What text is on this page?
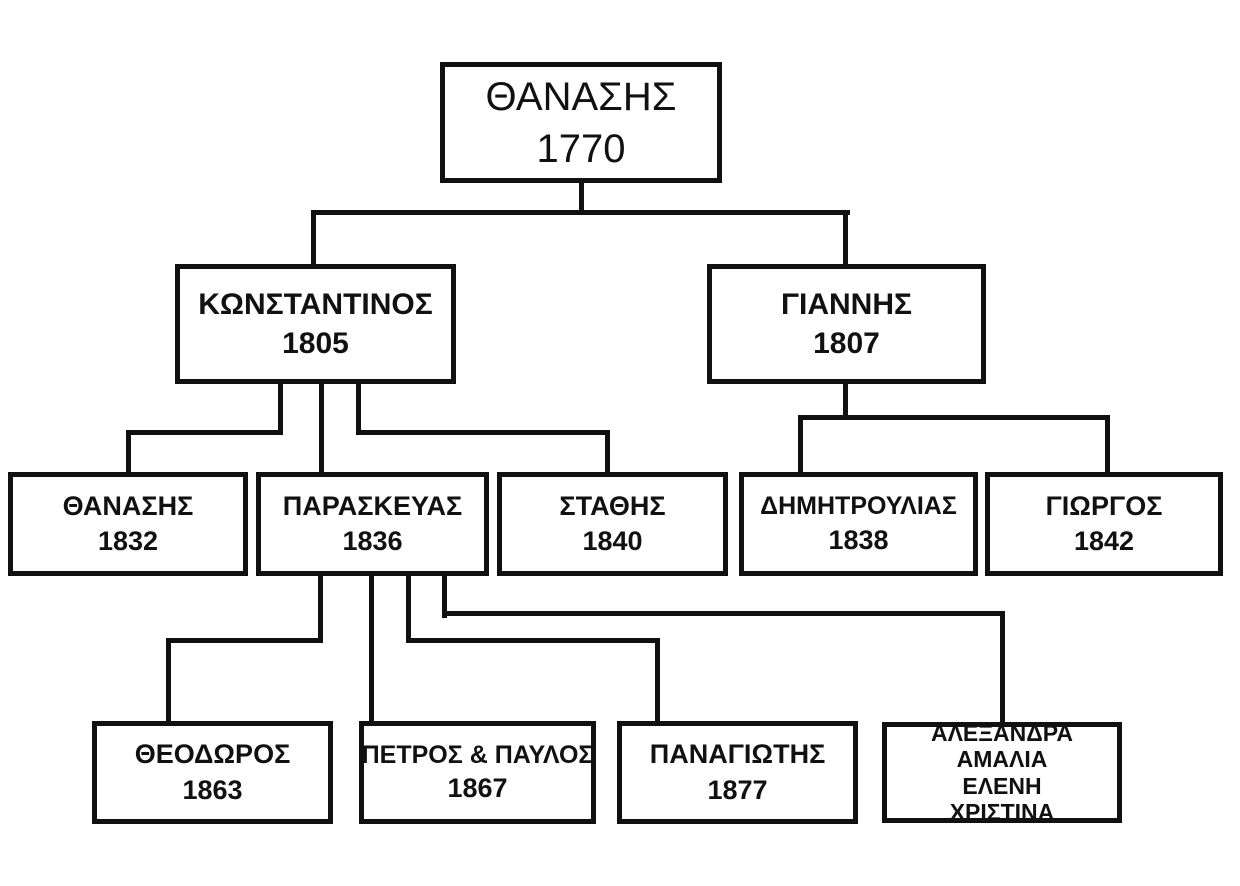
ΘΑΝΑΣΗΣ
1770
ΚΩΝΣΤΑΝΤΙΝΟΣ
1805
ΓΙΑΝΝΗΣ
1807
ΘΑΝΑΣΗΣ
1832
ΠΑΡΑΣΚΕΥΑΣ
1836
ΣΤΑΘΗΣ
1840
ΔΗΜΗΤΡΟΥΛΙΑΣ
1838
ΓΙΩΡΓΟΣ
1842
ΘΕΟΔΩΡΟΣ
1863
ΠΕΤΡΟΣ & ΠΑΥΛΟΣ
1867
ΠΑΝΑΓΙΩΤΗΣ
1877
ΑΛΕΞΑΝΔΡΑ
ΑΜΑΛΙΑ
ΕΛΕΝΗ
ΧΡΙΣΤΙΝΑ
